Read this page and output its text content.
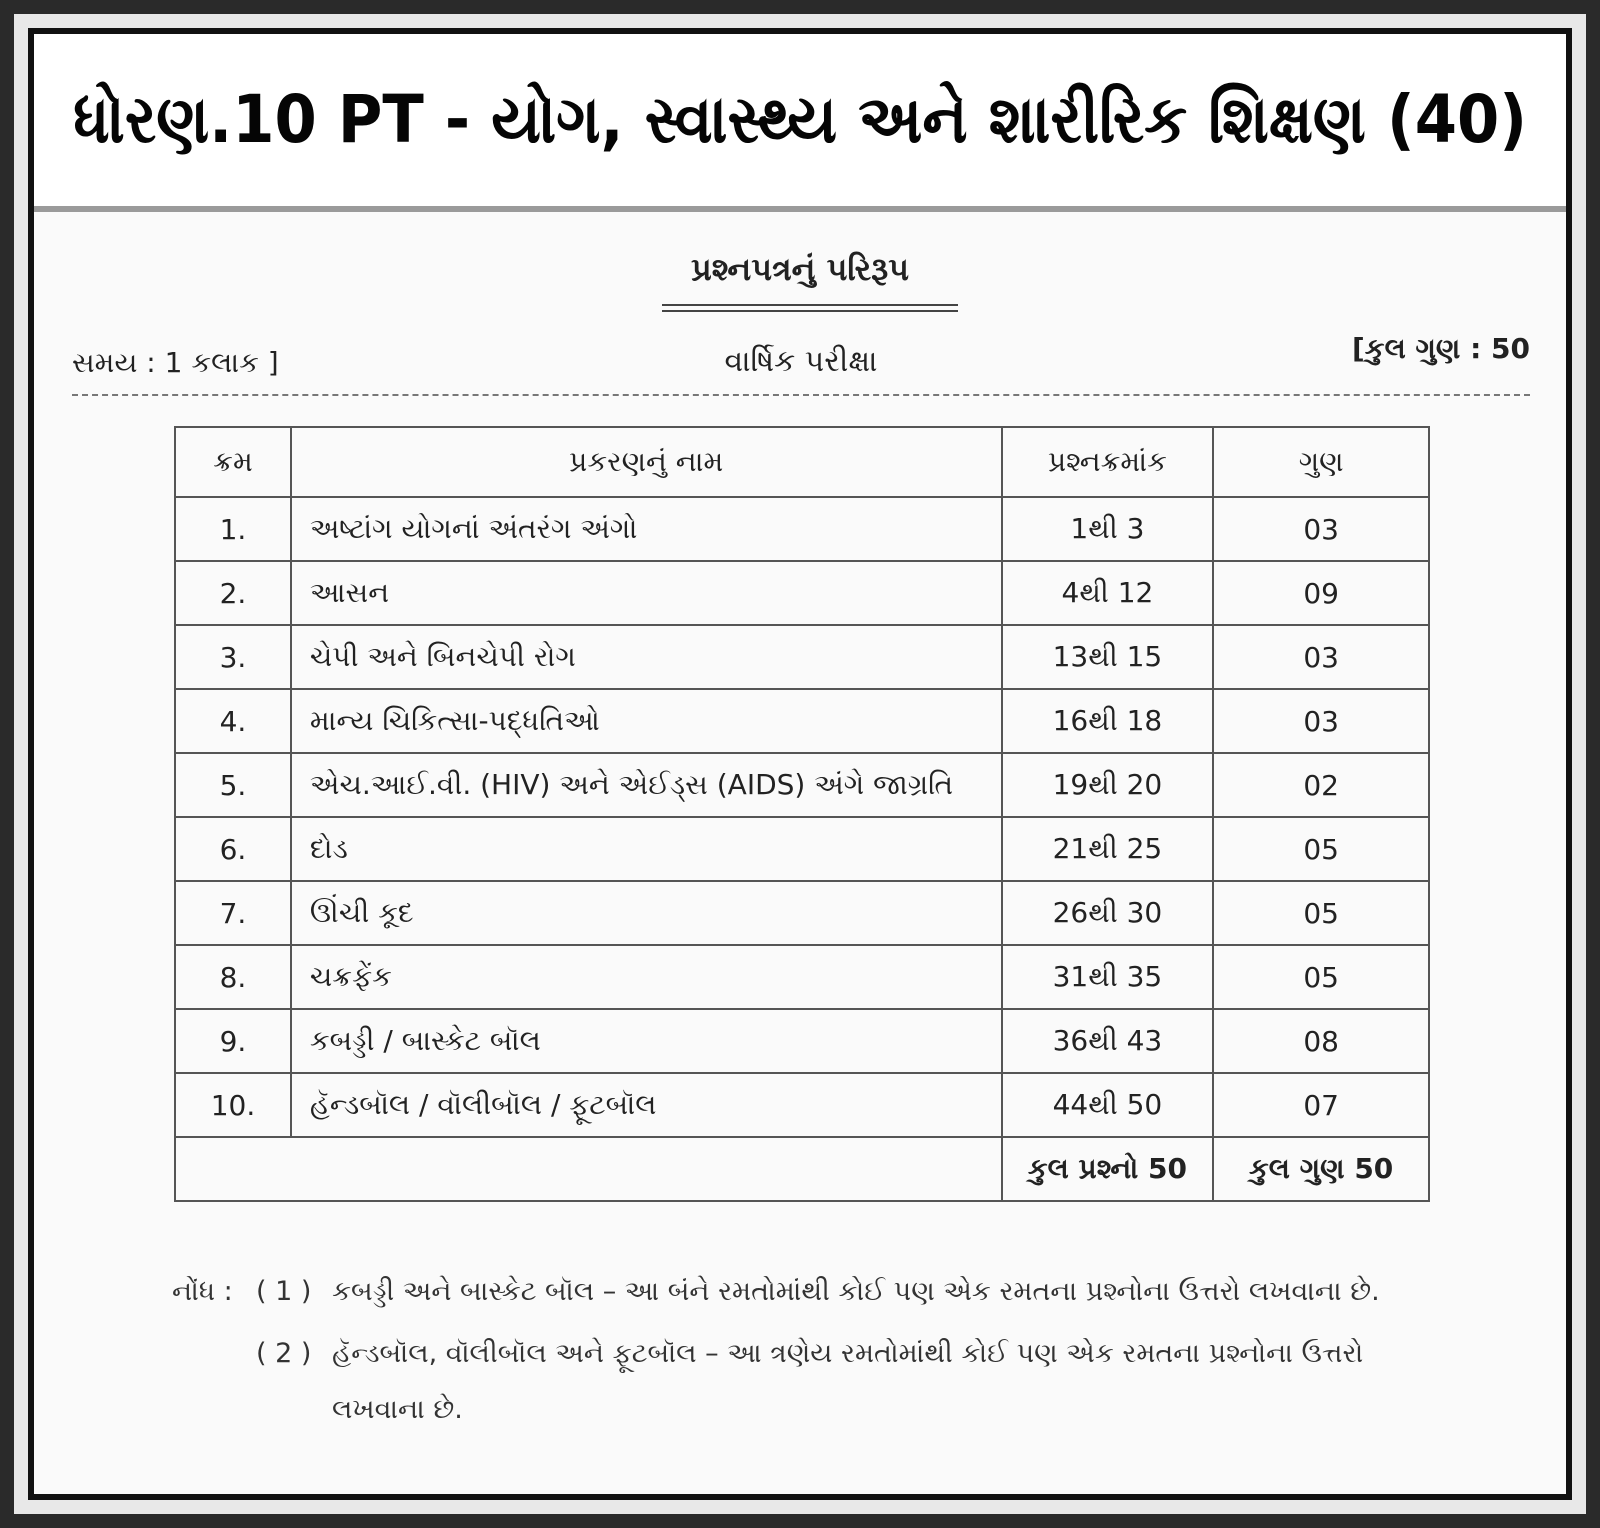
ધોરણ.10 PT - યોગ, સ્વાસ્થ્ય અને શારીરિક શિક્ષણ (40)
પ્રશ્નપત્રનું પરિરૂપ
સમય : 1 કલાક ]	વાર્ષિક પરીક્ષા	[કુલ ગુણ : 50
ક્રમ	પ્રકરણનું નામ	પ્રશ્નક્રમાંક	ગુણ
1.	અષ્ટાંગ યોગનાં અંતરંગ અંગો	1થી 3	03
2.	આસન	4થી 12	09
3.	ચેપી અને બિનચેપી રોગ	13થી 15	03
4.	માન્ય ચિકિત્સા-પદ્ધતિઓ	16થી 18	03
5.	એચ.આઈ.વી. (HIV) અને એઈડ્સ (AIDS) અંગે જાગ્રતિ	19થી 20	02
6.	દોડ	21થી 25	05
7.	ઊંચી કૂદ	26થી 30	05
8.	ચક્રફેંક	31થી 35	05
9.	કબડ્ડી / બાસ્કેટ બૉલ	36થી 43	08
10.	હૅન્ડબૉલ / વૉલીબૉલ / ફૂટબૉલ	44થી 50	07
		કુલ પ્રશ્નો 50	કુલ ગુણ 50
નોંધ : ( 1 ) કબડ્ડી અને બાસ્કેટ બૉલ – આ બંને રમતોમાંથી કોઈ પણ એક રમતના પ્રશ્નોના ઉત્તરો લખવાના છે.
( 2 ) હૅન્ડબૉલ, વૉલીબૉલ અને ફૂટબૉલ – આ ત્રણેય રમતોમાંથી કોઈ પણ એક રમતના પ્રશ્નોના ઉત્તરો લખવાના છે.
